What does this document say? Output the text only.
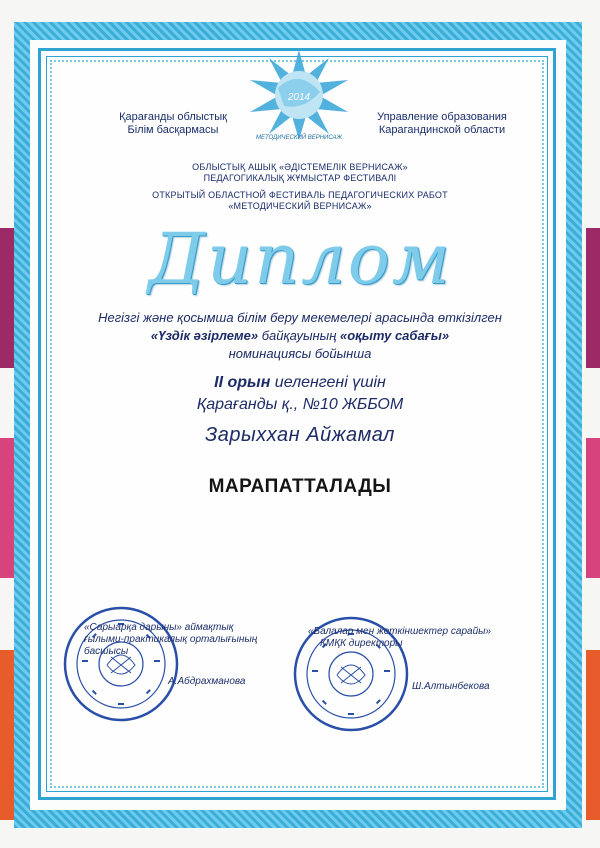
Қарағанды облыстық
Білім басқармасы
Управление образования
Карагандинской области
2014
МЕТОДИЧЕСКИЙ ВЕРНИСАЖ
ОБЛЫСТЫҚ АШЫҚ «ӘДІСТЕМЕЛІК ВЕРНИСАЖ»
ПЕДАГОГИКАЛЫҚ ЖҰМЫСТАР ФЕСТИВАЛІ
ОТКРЫТЫЙ ОБЛАСТНОЙ ФЕСТИВАЛЬ ПЕДАГОГИЧЕСКИХ РАБОТ
«МЕТОДИЧЕСКИЙ ВЕРНИСАЖ»
Диплом
Негізгі және қосымша білім беру мекемелері арасында өткізілген
«Үздік әзірлеме» байқауының «оқыту сабағы»
номинациясы бойынша
II орын иеленгені үшін
Қарағанды қ., №10 ЖББОМ
Зарыххан Айжамал
МАРАПАТТАЛАДЫ
«Сарыарқа дарыны» аймақтық
ғылыми-практикалық орталығының
басшысы
А.Абдрахманова
«Балалар мен жеткіншектер сарайы»
КМҚК директоры
Ш.Алтынбекова
